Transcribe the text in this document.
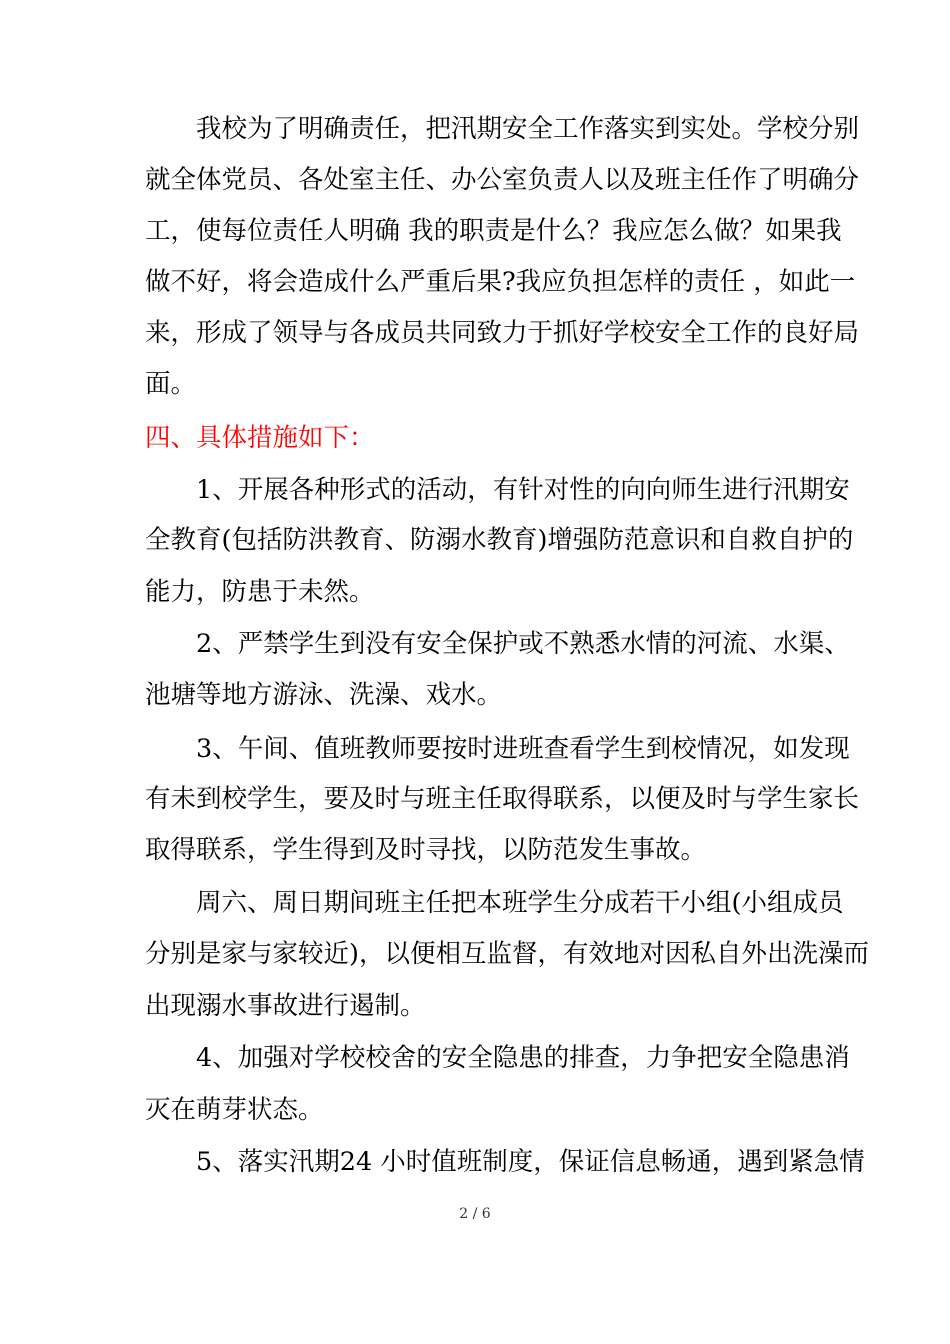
　　我校为了明确责任，把汛期安全工作落实到实处。学校分别
就全体党员、各处室主任、办公室负责人以及班主任作了明确分
工，使每位责任人明确 我的职责是什么？我应怎么做？如果我
做不好，将会造成什么严重后果?我应负担怎样的责任 ，如此一
来，形成了领导与各成员共同致力于抓好学校安全工作的良好局
面。
四、具体措施如下：
　　1、开展各种形式的活动，有针对性的向向师生进行汛期安
全教育(包括防洪教育、防溺水教育)增强防范意识和自救自护的
能力，防患于未然。
　　2、严禁学生到没有安全保护或不熟悉水情的河流、水渠、
池塘等地方游泳、洗澡、戏水。
　　3、午间、值班教师要按时进班查看学生到校情况，如发现
有未到校学生，要及时与班主任取得联系，以便及时与学生家长
取得联系，学生得到及时寻找，以防范发生事故。
　　周六、周日期间班主任把本班学生分成若干小组(小组成员
分别是家与家较近)，以便相互监督，有效地对因私自外出洗澡而
出现溺水事故进行遏制。
　　4、加强对学校校舍的安全隐患的排查，力争把安全隐患消
灭在萌芽状态。
　　5、落实汛期24 小时值班制度，保证信息畅通，遇到紧急情
2 / 6
